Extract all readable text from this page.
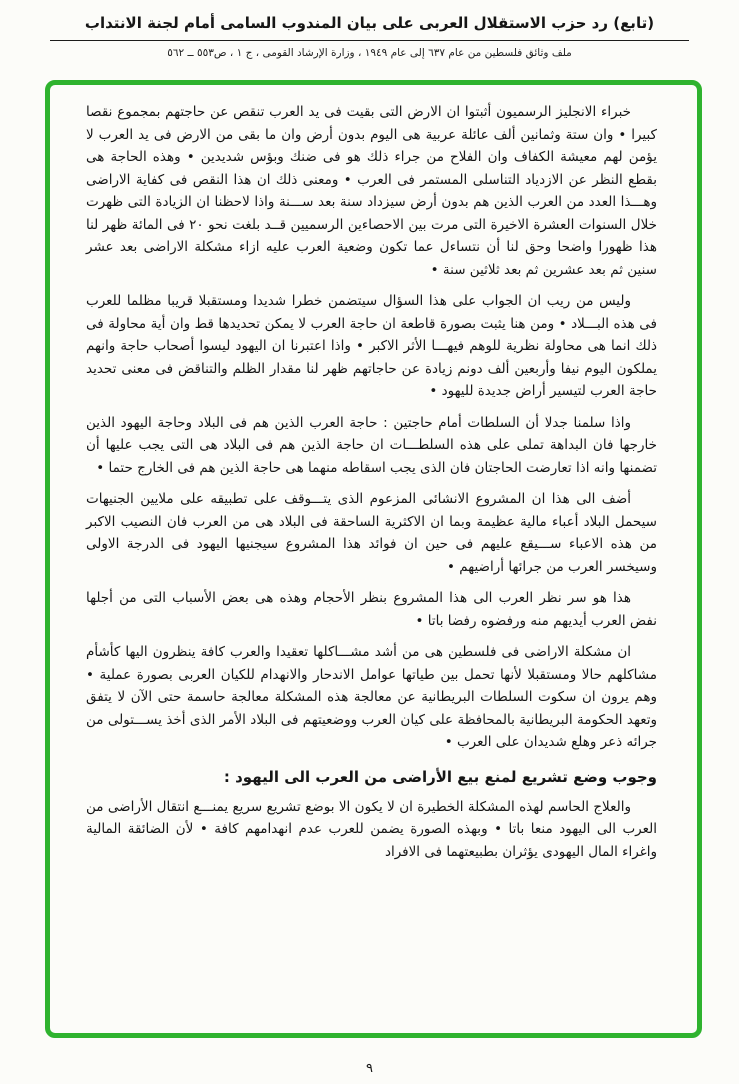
(تابع) رد حزب الاستقلال العربى على بيان المندوب السامى أمام لجنة الانتداب
ملف وثائق فلسطين من عام ٦٣٧ إلى عام ١٩٤٩ ، وزارة الإرشاد القومى ، ج ١ ، ص٥٥٣ ــ ٥٦٢

خبراء الانجليز الرسميون أثبتوا ان الارض التى بقيت فى يد العرب تنقص عن حاجتهم بمجموع نقصا كبيرا • وان ستة وثمانين ألف عائلة عربية هى اليوم بدون أرض وان ما بقى من الارض فى يد العرب لا يؤمن لهم معيشة الكفاف وان الفلاح من جراء ذلك هو فى ضنك وبؤس شديدين • وهذه الحاجة هى بقطع النظر عن الازدياد التناسلى المستمر فى العرب • ومعنى ذلك ان هذا النقص فى كفاية الاراضى وهـــذا العدد من العرب الذين هم بدون أرض سيزداد سنة بعد ســـنة واذا لاحظنا ان الزيادة التى ظهرت خلال السنوات العشرة الاخيرة التى مرت بين الاحصاءين الرسميين قــد بلغت نحو ٢٠ فى المائة ظهر لنا هذا ظهورا واضحا وحق لنا أن نتساءل عما تكون وضعية العرب عليه ازاء مشكلة الاراضى بعد عشر سنين ثم بعد عشرين ثم بعد ثلاثين سنة •

وليس من ريب ان الجواب على هذا السؤال سيتضمن خطرا شديدا ومستقبلا قريبا مظلما للعرب فى هذه البـــلاد • ومن هنا يثبت بصورة قاطعة ان حاجة العرب لا يمكن تحديدها قط وان أية محاولة فى ذلك انما هى محاولة نظرية للوهم فيهـــا الأثر الاكبر • واذا اعتبرنا ان اليهود ليسوا أصحاب حاجة وانهم يملكون اليوم نيفا وأربعين ألف دونم زيادة عن حاجاتهم ظهر لنا مقدار الظلم والتناقض فى معنى تحديد حاجة العرب لتيسير أراض جديدة لليهود •

واذا سلمنا جدلا أن السلطات أمام حاجتين : حاجة العرب الذين هم فى البلاد وحاجة اليهود الذين خارجها فان البداهة تملى على هذه السلطـــات ان حاجة الذين هم فى البلاد هى التى يجب عليها أن تضمنها وانه اذا تعارضت الحاجتان فان الذى يجب اسقاطه منهما هى حاجة الذين هم فى الخارج حتما •

أضف الى هذا ان المشروع الانشائى المزعوم الذى يتـــوقف على تطبيقه على ملايين الجنيهات سيحمل البلاد أعباء مالية عظيمة وبما ان الاكثرية الساحقة فى البلاد هى من العرب فان النصيب الاكبر من هذه الاعباء ســـيقع عليهم فى حين ان فوائد هذا المشروع سيجنيها اليهود فى الدرجة الاولى وسيخسر العرب من جرائها أراضيهم •

هذا هو سر نظر العرب الى هذا المشروع بنظر الأحجام وهذه هى بعض الأسباب التى من أجلها نفض العرب أيديهم منه ورفضوه رفضا باتا •

ان مشكلة الاراضى فى فلسطين هى من أشد مشـــاكلها تعقيدا والعرب كافة ينظرون اليها كأشأم مشاكلهم حالا ومستقبلا لأنها تحمل بين طياتها عوامل الاندحار والانهدام للكيان العربى بصورة عملية • وهم يرون ان سكوت السلطات البريطانية عن معالجة هذه المشكلة معالجة حاسمة حتى الآن لا يتفق وتعهد الحكومة البريطانية بالمحافظة على كيان العرب ووضعيتهم فى البلاد الأمر الذى أخذ يســـتولى من جرائه ذعر وهلع شديدان على العرب •

وجوب وضع تشريع لمنع بيع الأراضى من العرب الى اليهود :

والعلاج الحاسم لهذه المشكلة الخطيرة ان لا يكون الا بوضع تشريع سريع يمنـــع انتقال الأراضى من العرب الى اليهود منعا باتا • وبهذه الصورة يضمن للعرب عدم انهدامهم كافة • لأن الضائقة المالية واغراء المال اليهودى يؤثران بطبيعتهما فى الافراد

٩
